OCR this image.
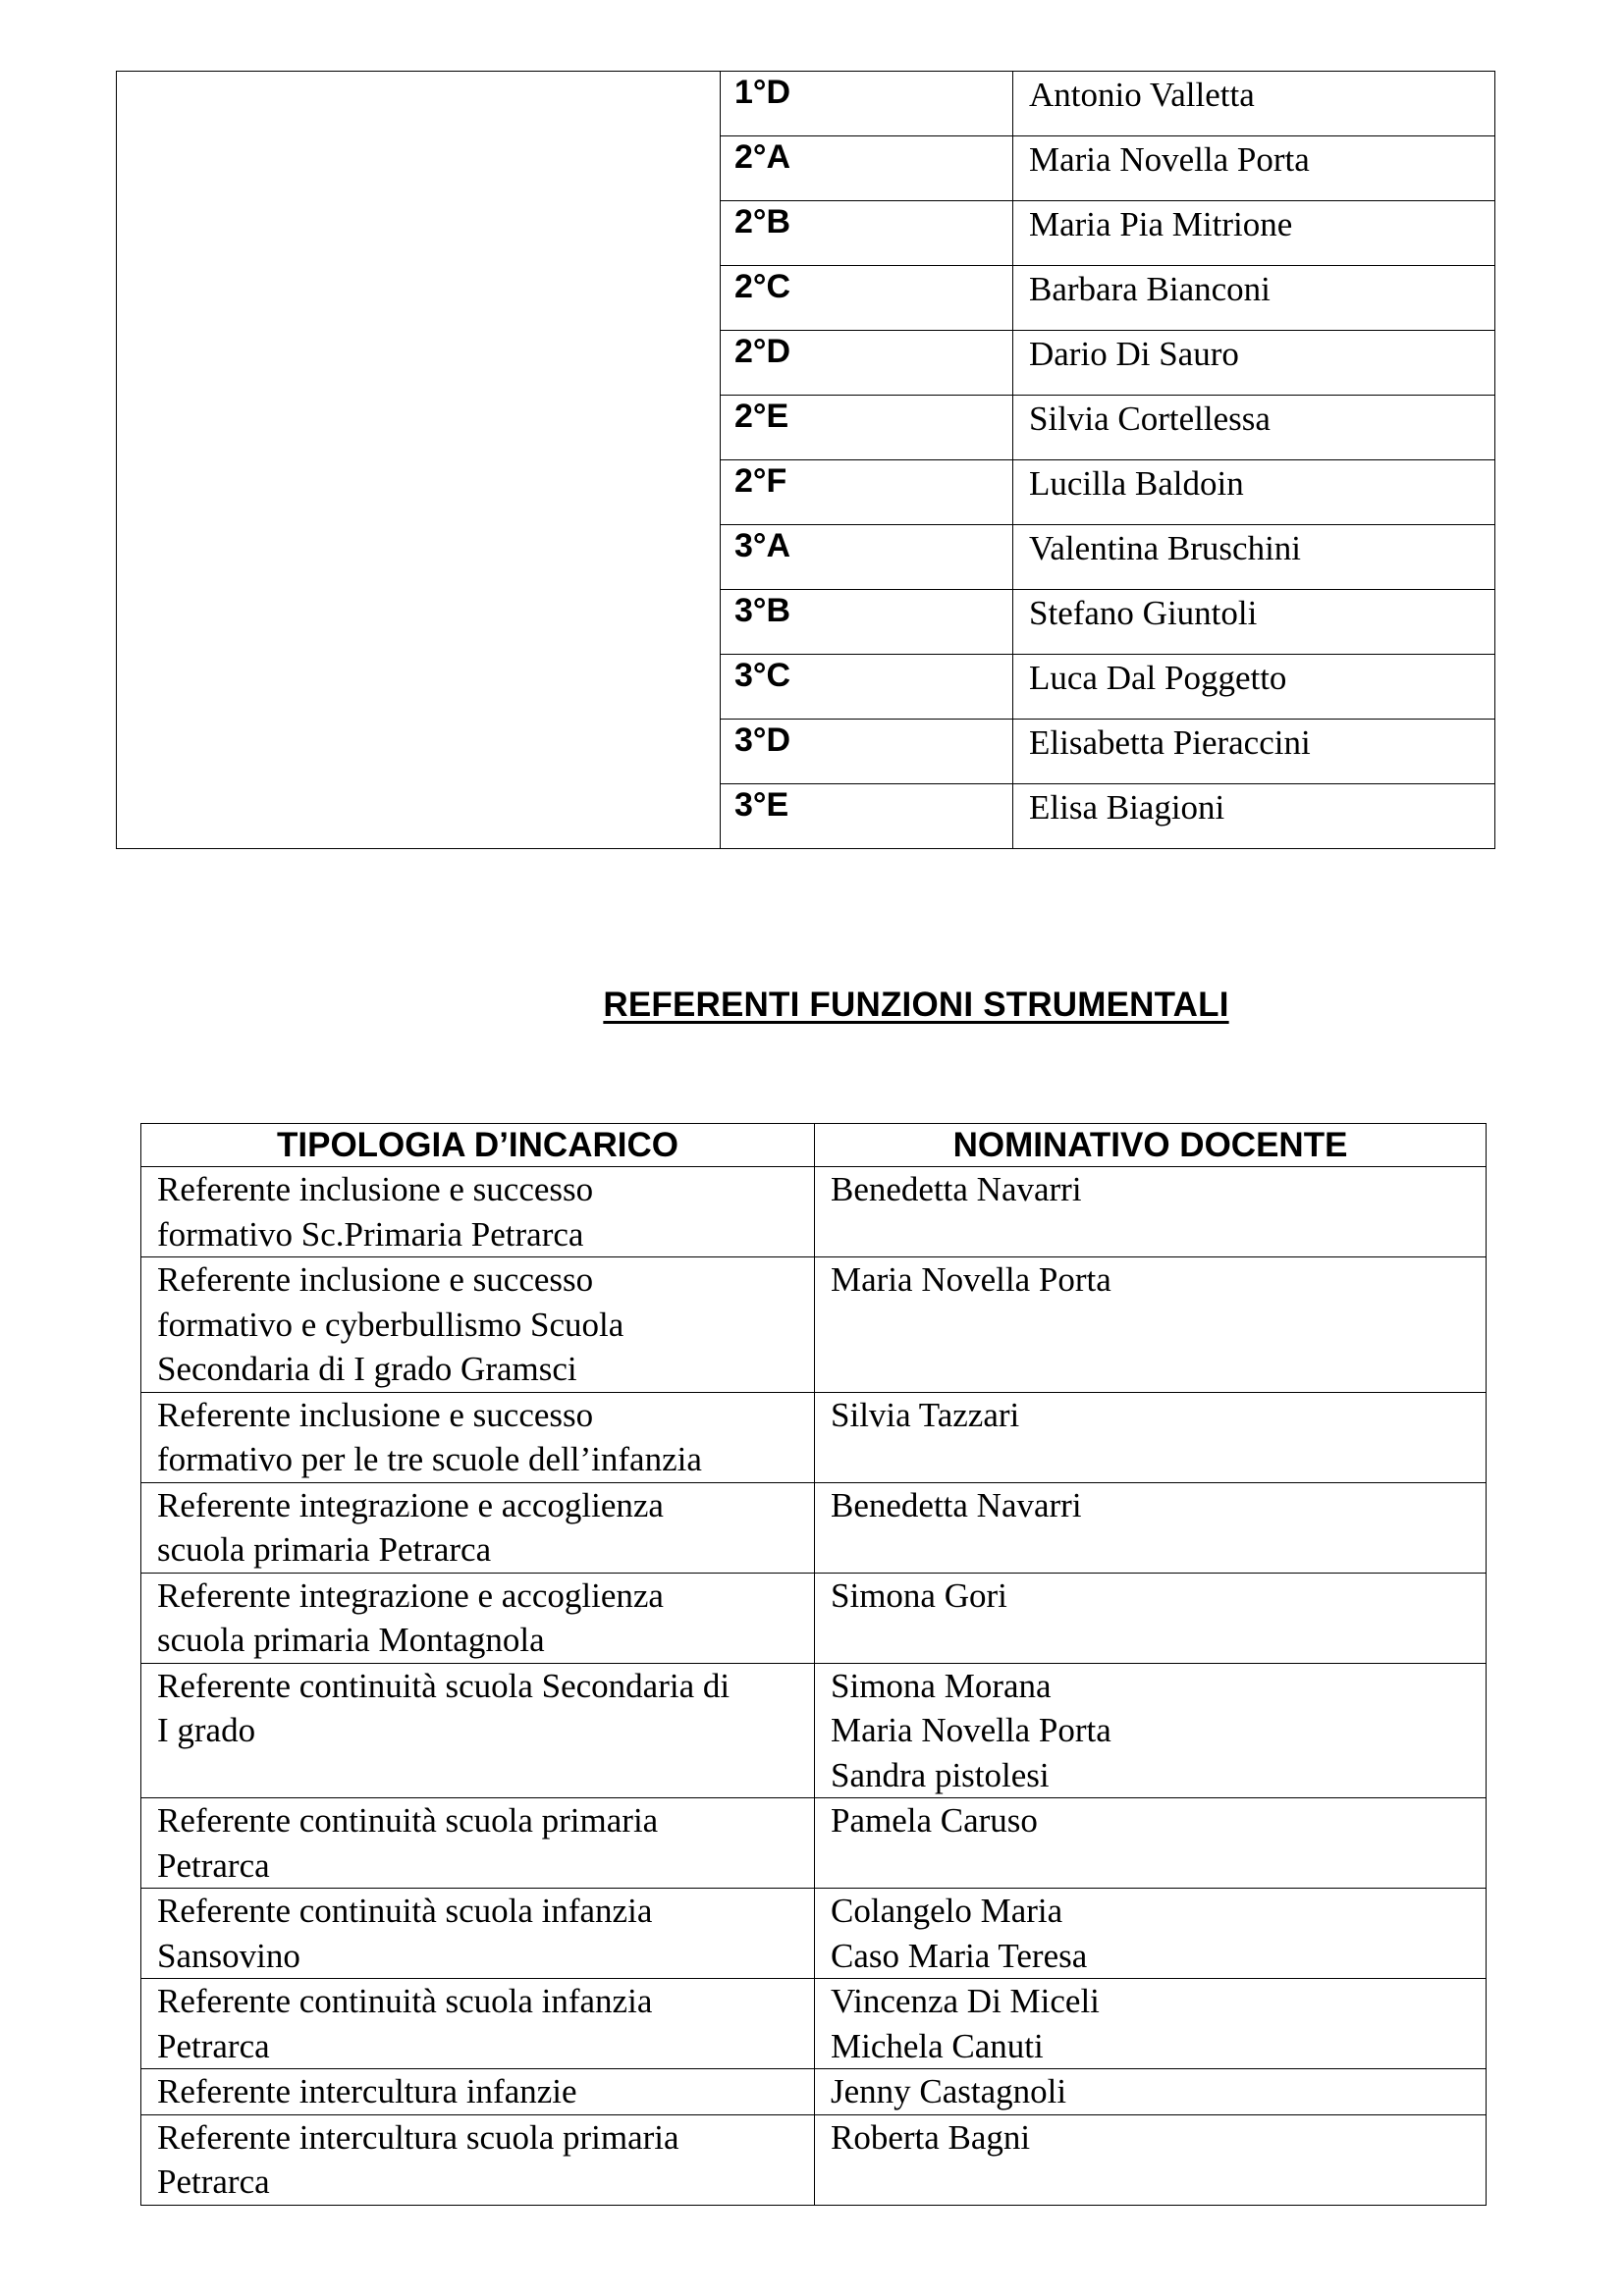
	1°D	Antonio Valletta
	2°A	Maria Novella Porta
	2°B	Maria Pia Mitrione
	2°C	Barbara Bianconi
	2°D	Dario Di Sauro
	2°E	Silvia Cortellessa
	2°F	Lucilla Baldoin
	3°A	Valentina Bruschini
	3°B	Stefano Giuntoli
	3°C	Luca Dal Poggetto
	3°D	Elisabetta Pieraccini
	3°E	Elisa Biagioni
REFERENTI FUNZIONI STRUMENTALI
TIPOLOGIA D’INCARICO	NOMINATIVO DOCENTE

Referente inclusione e successo
formativo Sc.Primaria Petrarca	Benedetta Navarri

Referente inclusione e successo
formativo e cyberbullismo Scuola
Secondaria di I grado Gramsci	Maria Novella Porta

Referente inclusione e successo
formativo per le tre scuole dell’infanzia	Silvia Tazzari

Referente integrazione e accoglienza
scuola primaria Petrarca	Benedetta Navarri

Referente integrazione e accoglienza
scuola primaria Montagnola	Simona Gori

Referente continuità scuola Secondaria di
I grado	Simona Morana
Maria Novella Porta
Sandra pistolesi

Referente continuità scuola primaria
Petrarca	Pamela Caruso

Referente continuità scuola infanzia
Sansovino	Colangelo Maria
Caso Maria Teresa

Referente continuità scuola infanzia
Petrarca	Vincenza Di Miceli
Michela Canuti

Referente intercultura infanzie	Jenny Castagnoli

Referente intercultura scuola primaria
Petrarca	Roberta Bagni
